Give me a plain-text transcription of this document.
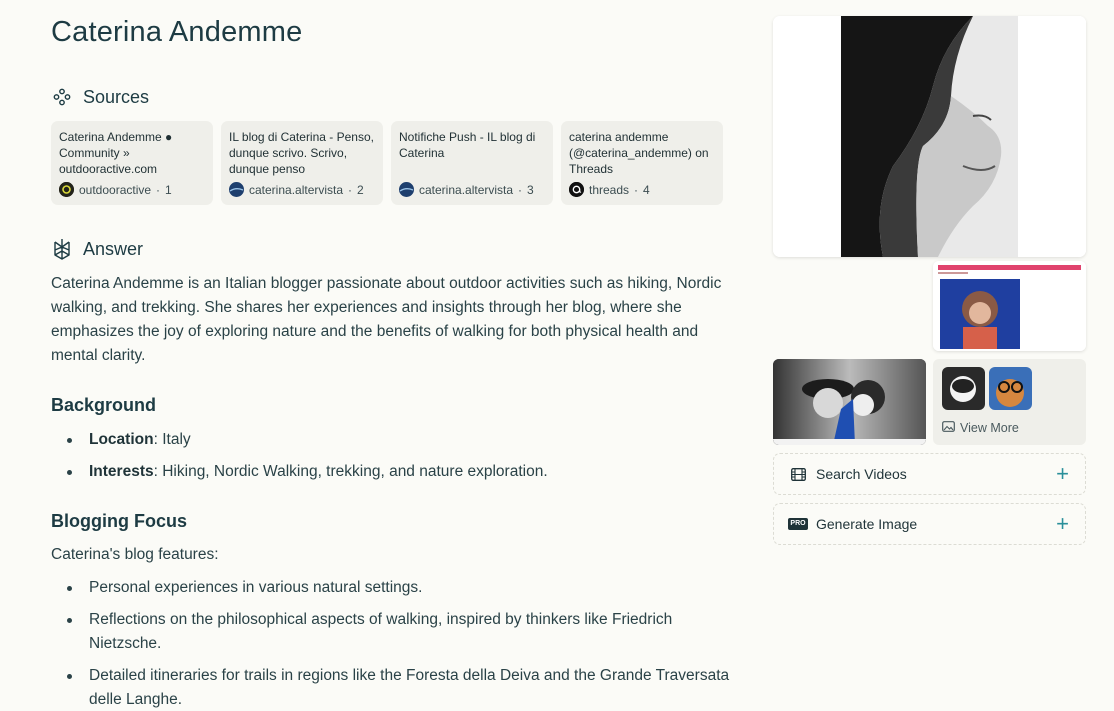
Caterina Andemme
Sources
Caterina Andemme ● Community » outdooractive.com
outdooractive · 1
IL blog di Caterina - Penso, dunque scrivo. Scrivo, dunque penso
caterina.altervista · 2
Notifiche Push - IL blog di Caterina
caterina.altervista · 3
caterina andemme (@caterina_andemme) on Threads
threads · 4
Answer

Caterina Andemme is an Italian blogger passionate about outdoor activities such as hiking, Nordic walking, and trekking. She shares her experiences and insights through her blog, where she emphasizes the joy of exploring nature and the benefits of walking for both physical health and mental clarity.

Background
Location: Italy
Interests: Hiking, Nordic Walking, trekking, and nature exploration.
Blogging Focus

Caterina's blog features:

Personal experiences in various natural settings.
Reflections on the philosophical aspects of walking, inspired by thinkers like Friedrich Nietzsche.
Detailed itineraries for trails in regions like the Foresta della Deiva and the Grande Traversata delle Langhe.
View More
Search Videos	+
PRO Generate Image	+
